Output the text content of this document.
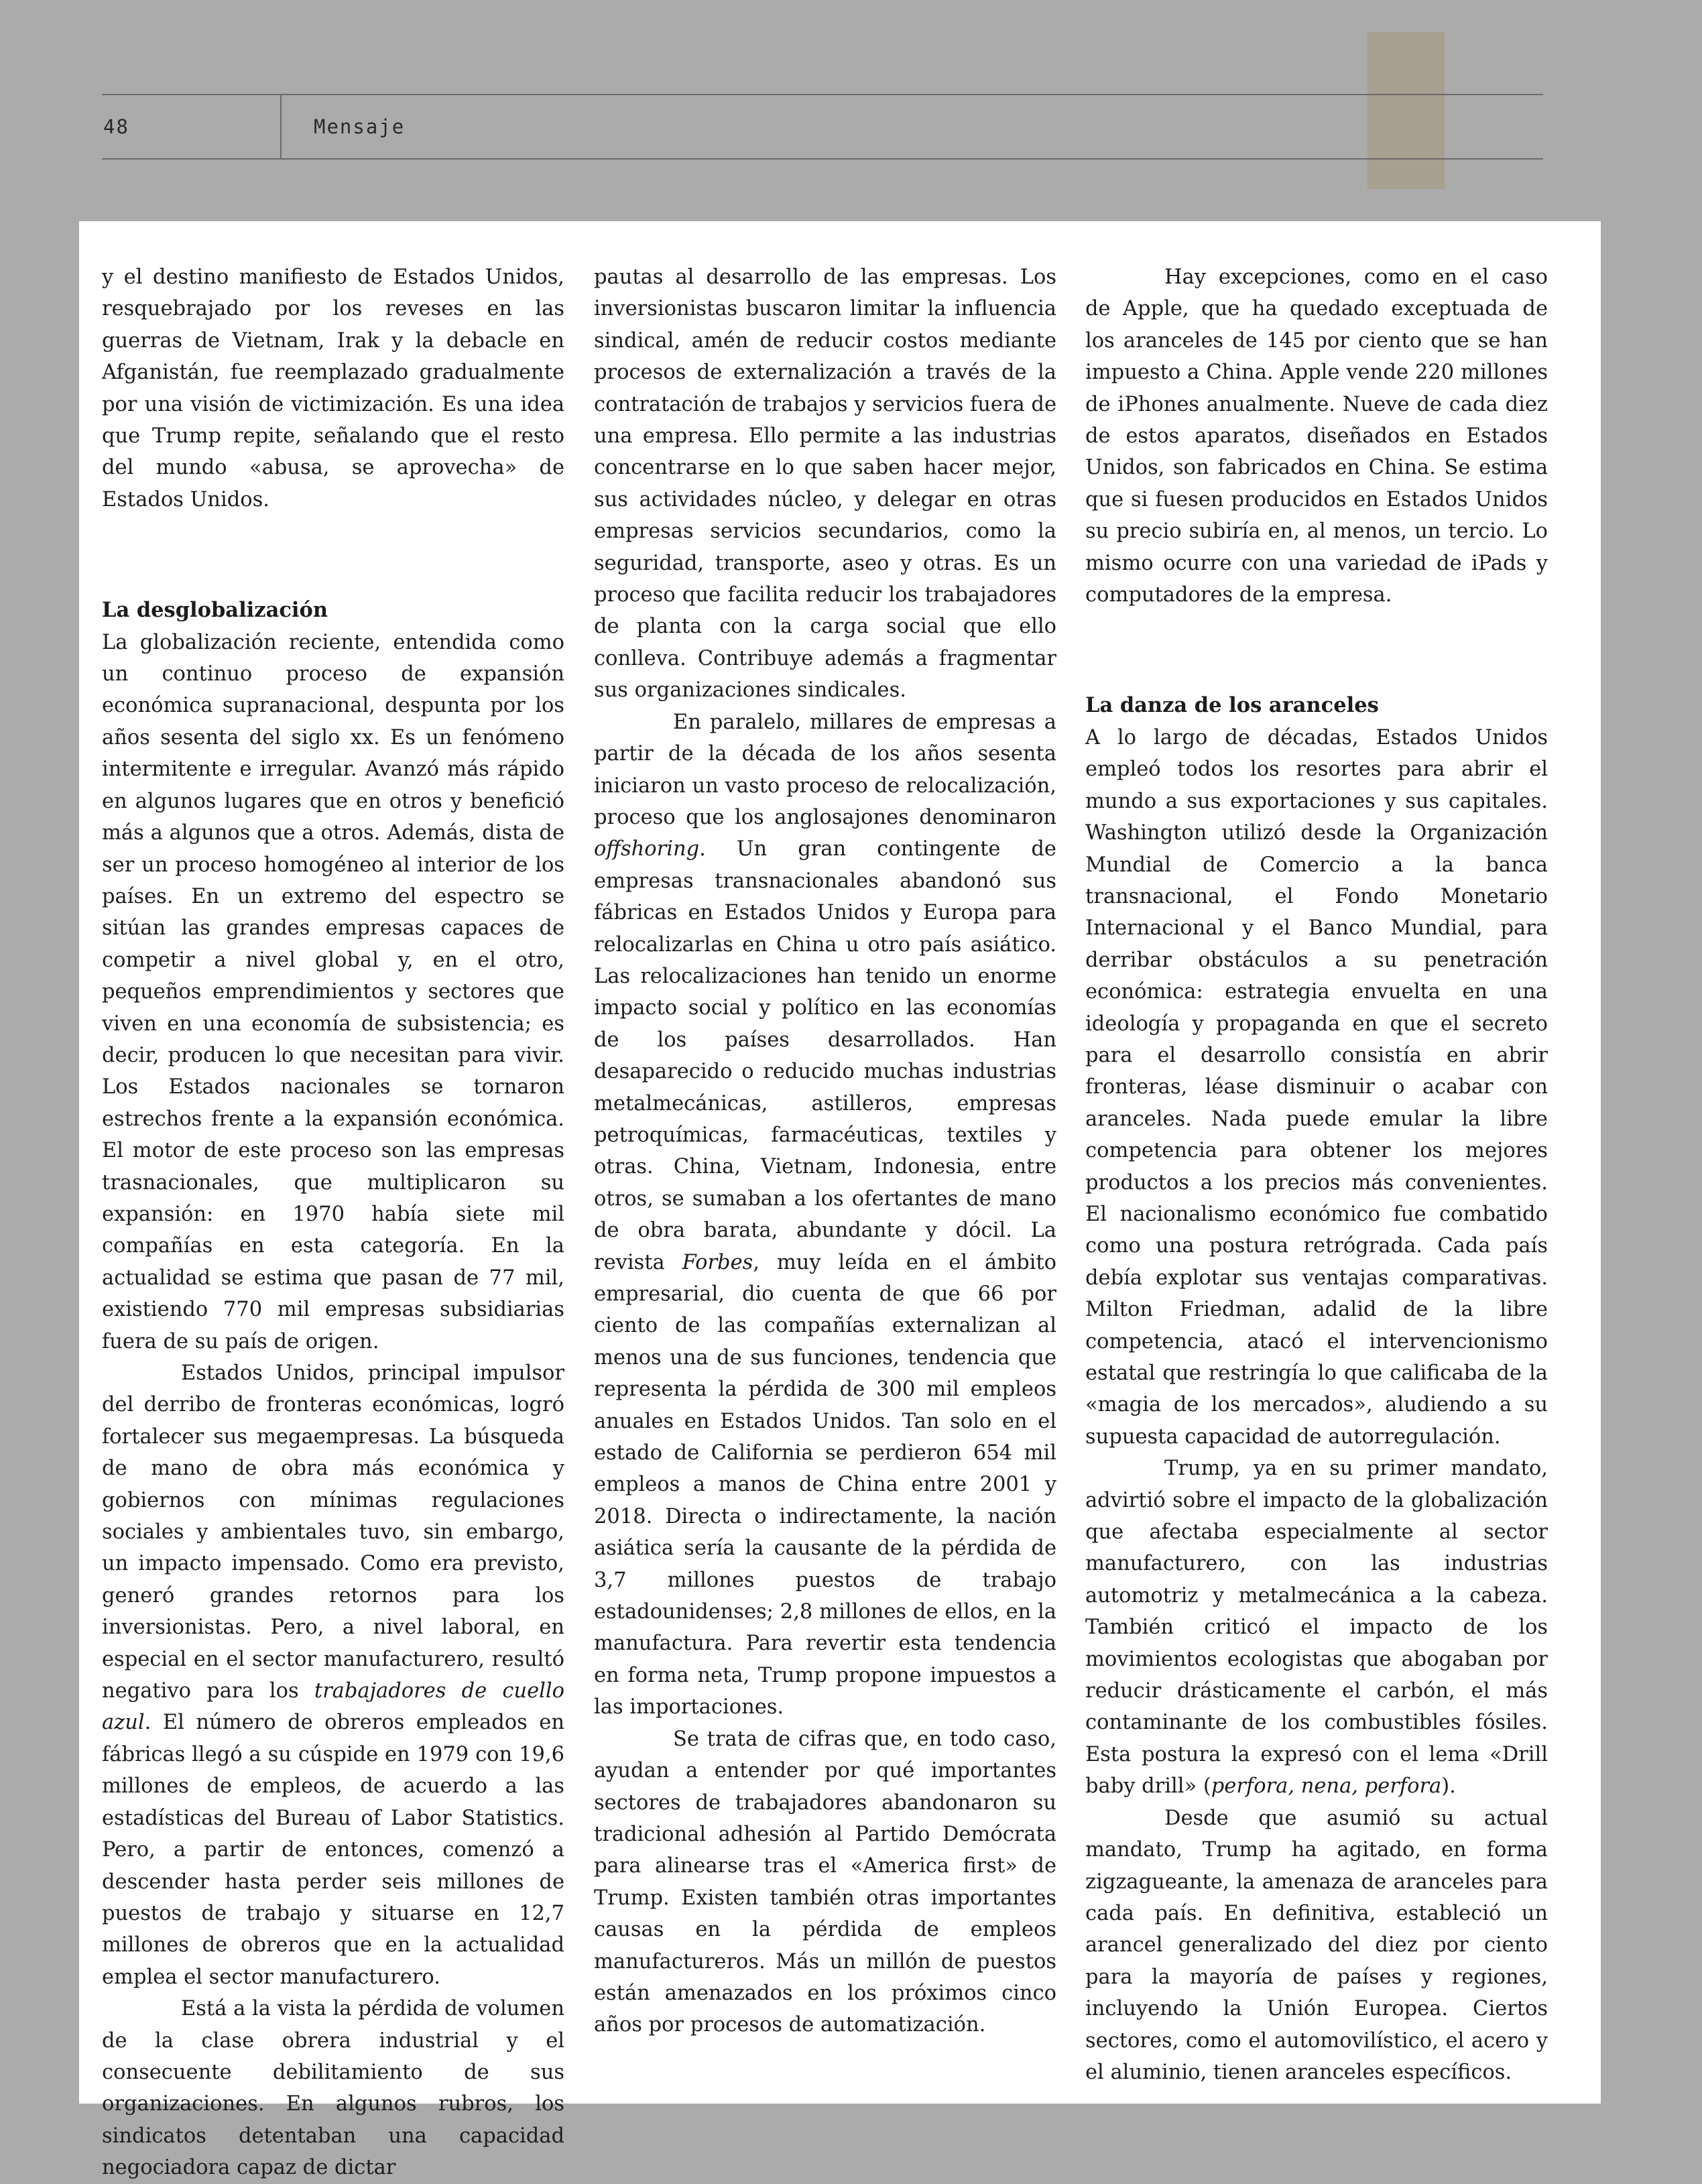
48	Mensaje

y el destino manifiesto de Estados Unidos, resquebrajado por los reveses en las guerras de Vietnam, Irak y la debacle en Afganistán, fue reemplazado gradualmente por una visión de victimización. Es una idea que Trump repite, señalando que el resto del mundo «abusa, se aprovecha» de Estados Unidos.

La desglobalización

La globalización reciente, entendida como un continuo proceso de expansión económica supranacional, despunta por los años sesenta del siglo xx. Es un fenómeno intermitente e irregular. Avanzó más rápido en algunos lugares que en otros y benefició más a algunos que a otros. Además, dista de ser un proceso homogéneo al interior de los países. En un extremo del espectro se sitúan las grandes empresas capaces de competir a nivel global y, en el otro, pequeños emprendimientos y sectores que viven en una economía de subsistencia; es decir, producen lo que necesitan para vivir. Los Estados nacionales se tornaron estrechos frente a la expansión económica. El motor de este proceso son las empresas trasnacionales, que multiplicaron su expansión: en 1970 había siete mil compañías en esta categoría. En la actualidad se estima que pasan de 77 mil, existiendo 770 mil empresas subsidiarias fuera de su país de origen.

Estados Unidos, principal impulsor del derribo de fronteras económicas, logró fortalecer sus megaempresas. La búsqueda de mano de obra más económica y gobiernos con mínimas regulaciones sociales y ambientales tuvo, sin embargo, un impacto impensado. Como era previsto, generó grandes retornos para los inversionistas. Pero, a nivel laboral, en especial en el sector manufacturero, resultó negativo para los trabajadores de cuello azul. El número de obreros empleados en fábricas llegó a su cúspide en 1979 con 19,6 millones de empleos, de acuerdo a las estadísticas del Bureau of Labor Statistics. Pero, a partir de entonces, comenzó a descender hasta perder seis millones de puestos de trabajo y situarse en 12,7 millones de obreros que en la actualidad emplea el sector manufacturero.

Está a la vista la pérdida de volumen de la clase obrera industrial y el consecuente debilitamiento de sus organizaciones. En algunos rubros, los sindicatos detentaban una capacidad negociadora capaz de dictar

pautas al desarrollo de las empresas. Los inversionistas buscaron limitar la influencia sindical, amén de reducir costos mediante procesos de externalización a través de la contratación de trabajos y servicios fuera de una empresa. Ello permite a las industrias concentrarse en lo que saben hacer mejor, sus actividades núcleo, y delegar en otras empresas servicios secundarios, como la seguridad, transporte, aseo y otras. Es un proceso que facilita reducir los trabajadores de planta con la carga social que ello conlleva. Contribuye además a fragmentar sus organizaciones sindicales.

En paralelo, millares de empresas a partir de la década de los años sesenta iniciaron un vasto proceso de relocalización, proceso que los anglosajones denominaron offshoring. Un gran contingente de empresas transnacionales abandonó sus fábricas en Estados Unidos y Europa para relocalizarlas en China u otro país asiático. Las relocalizaciones han tenido un enorme impacto social y político en las economías de los países desarrollados. Han desaparecido o reducido muchas industrias metalmecánicas, astilleros, empresas petroquímicas, farmacéuticas, textiles y otras. China, Vietnam, Indonesia, entre otros, se sumaban a los ofertantes de mano de obra barata, abundante y dócil. La revista Forbes, muy leída en el ámbito empresarial, dio cuenta de que 66 por ciento de las compañías externalizan al menos una de sus funciones, tendencia que representa la pérdida de 300 mil empleos anuales en Estados Unidos. Tan solo en el estado de California se perdieron 654 mil empleos a manos de China entre 2001 y 2018. Directa o indirectamente, la nación asiática sería la causante de la pérdida de 3,7 millones puestos de trabajo estadounidenses; 2,8 millones de ellos, en la manufactura. Para revertir esta tendencia en forma neta, Trump propone impuestos a las importaciones.

Se trata de cifras que, en todo caso, ayudan a entender por qué importantes sectores de trabajadores abandonaron su tradicional adhesión al Partido Demócrata para alinearse tras el «America first» de Trump. Existen también otras importantes causas en la pérdida de empleos manufactureros. Más un millón de puestos están amenazados en los próximos cinco años por procesos de automatización.

Hay excepciones, como en el caso de Apple, que ha quedado exceptuada de los aranceles de 145 por ciento que se han impuesto a China. Apple vende 220 millones de iPhones anualmente. Nueve de cada diez de estos aparatos, diseñados en Estados Unidos, son fabricados en China. Se estima que si fuesen producidos en Estados Unidos su precio subiría en, al menos, un tercio. Lo mismo ocurre con una variedad de iPads y computadores de la empresa.

La danza de los aranceles

A lo largo de décadas, Estados Unidos empleó todos los resortes para abrir el mundo a sus exportaciones y sus capitales. Washington utilizó desde la Organización Mundial de Comercio a la banca transnacional, el Fondo Monetario Internacional y el Banco Mundial, para derribar obstáculos a su penetración económica: estrategia envuelta en una ideología y propaganda en que el secreto para el desarrollo consistía en abrir fronteras, léase disminuir o acabar con aranceles. Nada puede emular la libre competencia para obtener los mejores productos a los precios más convenientes. El nacionalismo económico fue combatido como una postura retrógrada. Cada país debía explotar sus ventajas comparativas. Milton Friedman, adalid de la libre competencia, atacó el intervencionismo estatal que restringía lo que calificaba de la «magia de los mercados», aludiendo a su supuesta capacidad de autorregulación.

Trump, ya en su primer mandato, advirtió sobre el impacto de la globalización que afectaba especialmente al sector manufacturero, con las industrias automotriz y metalmecánica a la cabeza. También criticó el impacto de los movimientos ecologistas que abogaban por reducir drásticamente el carbón, el más contaminante de los combustibles fósiles. Esta postura la expresó con el lema «Drill baby drill» (perfora, nena, perfora).

Desde que asumió su actual mandato, Trump ha agitado, en forma zigzagueante, la amenaza de aranceles para cada país. En definitiva, estableció un arancel generalizado del diez por ciento para la mayoría de países y regiones, incluyendo la Unión Europea. Ciertos sectores, como el automovilístico, el acero y el aluminio, tienen aranceles específicos.
